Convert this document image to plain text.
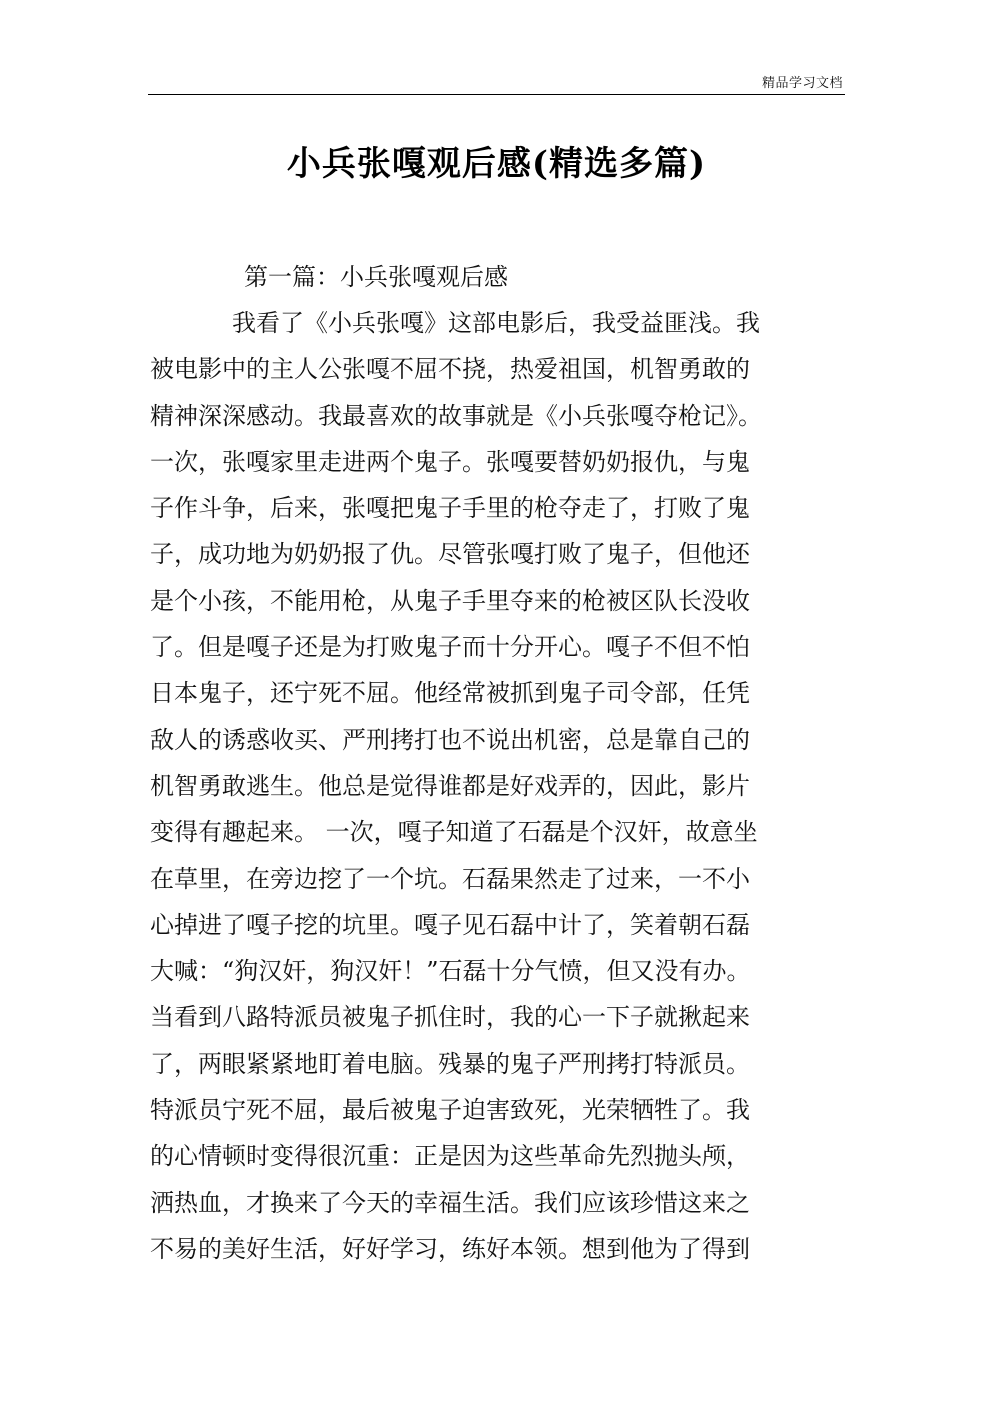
精品学习文档
小兵张嘎观后感(精选多篇)
第一篇：小兵张嘎观后感
我看了《小兵张嘎》这部电影后，我受益匪浅。我
被电影中的主人公张嘎不屈不挠，热爱祖国，机智勇敢的
精神深深感动。我最喜欢的故事就是《小兵张嘎夺枪记》。
一次，张嘎家里走进两个鬼子。张嘎要替奶奶报仇，与鬼
子作斗争，后来，张嘎把鬼子手里的枪夺走了，打败了鬼
子，成功地为奶奶报了仇。尽管张嘎打败了鬼子，但他还
是个小孩，不能用枪，从鬼子手里夺来的枪被区队长没收
了。但是嘎子还是为打败鬼子而十分开心。嘎子不但不怕
日本鬼子，还宁死不屈。他经常被抓到鬼子司令部，任凭
敌人的诱惑收买、严刑拷打也不说出机密，总是靠自己的
机智勇敢逃生。他总是觉得谁都是好戏弄的，因此，影片
变得有趣起来。 一次，嘎子知道了石磊是个汉奸，故意坐
在草里，在旁边挖了一个坑。石磊果然走了过来，一不小
心掉进了嘎子挖的坑里。嘎子见石磊中计了，笑着朝石磊
大喊：“狗汉奸，狗汉奸！”石磊十分气愤，但又没有办。
当看到八路特派员被鬼子抓住时，我的心一下子就揪起来
了，两眼紧紧地盯着电脑。残暴的鬼子严刑拷打特派员。
特派员宁死不屈，最后被鬼子迫害致死，光荣牺牲了。我
的心情顿时变得很沉重：正是因为这些革命先烈抛头颅，
洒热血，才换来了今天的幸福生活。我们应该珍惜这来之
不易的美好生活，好好学习，练好本领。想到他为了得到
